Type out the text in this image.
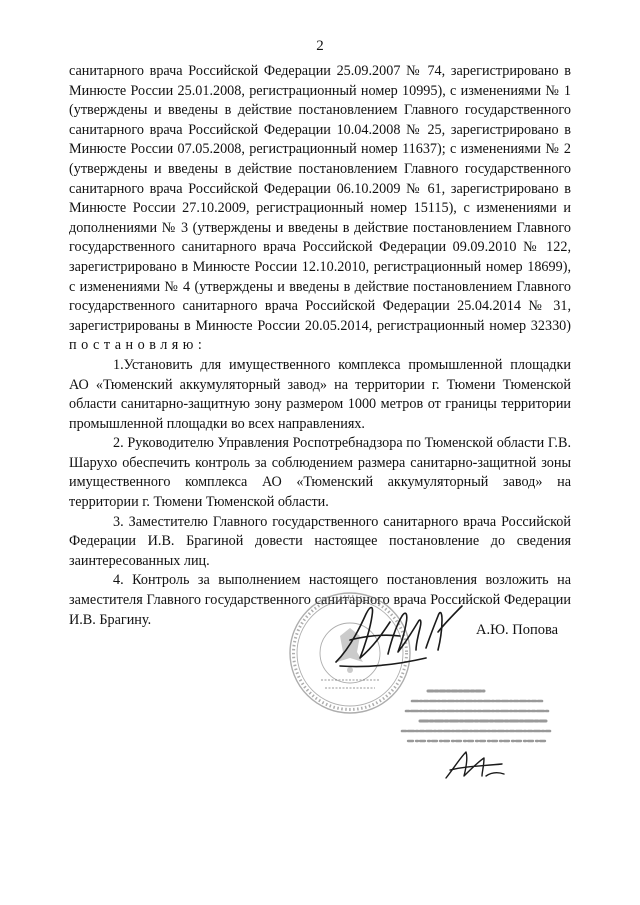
2

санитарного врача Российской Федерации 25.09.2007 № 74, зарегистрировано в Минюсте России 25.01.2008, регистрационный номер 10995), с изменениями № 1 (утверждены и введены в действие постановлением Главного государственного санитарного врача Российской Федерации 10.04.2008 № 25, зарегистрировано в Минюсте России 07.05.2008, регистрационный номер 11637); с изменениями № 2 (утверждены и введены в действие постановлением Главного государственного санитарного врача Российской Федерации 06.10.2009 № 61, зарегистрировано в Минюсте России 27.10.2009, регистрационный номер 15115), с изменениями и дополнениями № 3 (утверждены и введены в действие постановлением Главного государственного санитарного врача Российской Федерации 09.09.2010 № 122, зарегистрировано в Минюсте России 12.10.2010, регистрационный номер 18699), с изменениями № 4 (утверждены и введены в действие постановлением Главного государственного санитарного врача Российской Федерации 25.04.2014 № 31, зарегистрированы в Минюсте России 20.05.2014, регистрационный номер 32330) постановляю:

1.Установить для имущественного комплекса промышленной площадки АО «Тюменский аккумуляторный завод» на территории г. Тюмени Тюменской области санитарно-защитную зону размером 1000 метров от границы территории промышленной площадки во всех направлениях.

2. Руководителю Управления Роспотребнадзора по Тюменской области Г.В. Шарухо обеспечить контроль за соблюдением размера санитарно-защитной зоны имущественного комплекса АО «Тюменский аккумуляторный завод» на территории г. Тюмени Тюменской области.

3. Заместителю Главного государственного санитарного врача Российской Федерации И.В. Брагиной довести настоящее постановление до сведения заинтересованных лиц.

4. Контроль за выполнением настоящего постановления возложить на заместителя Главного государственного санитарного врача Российской Федерации И.В. Брагину.

А.Ю. Попова
